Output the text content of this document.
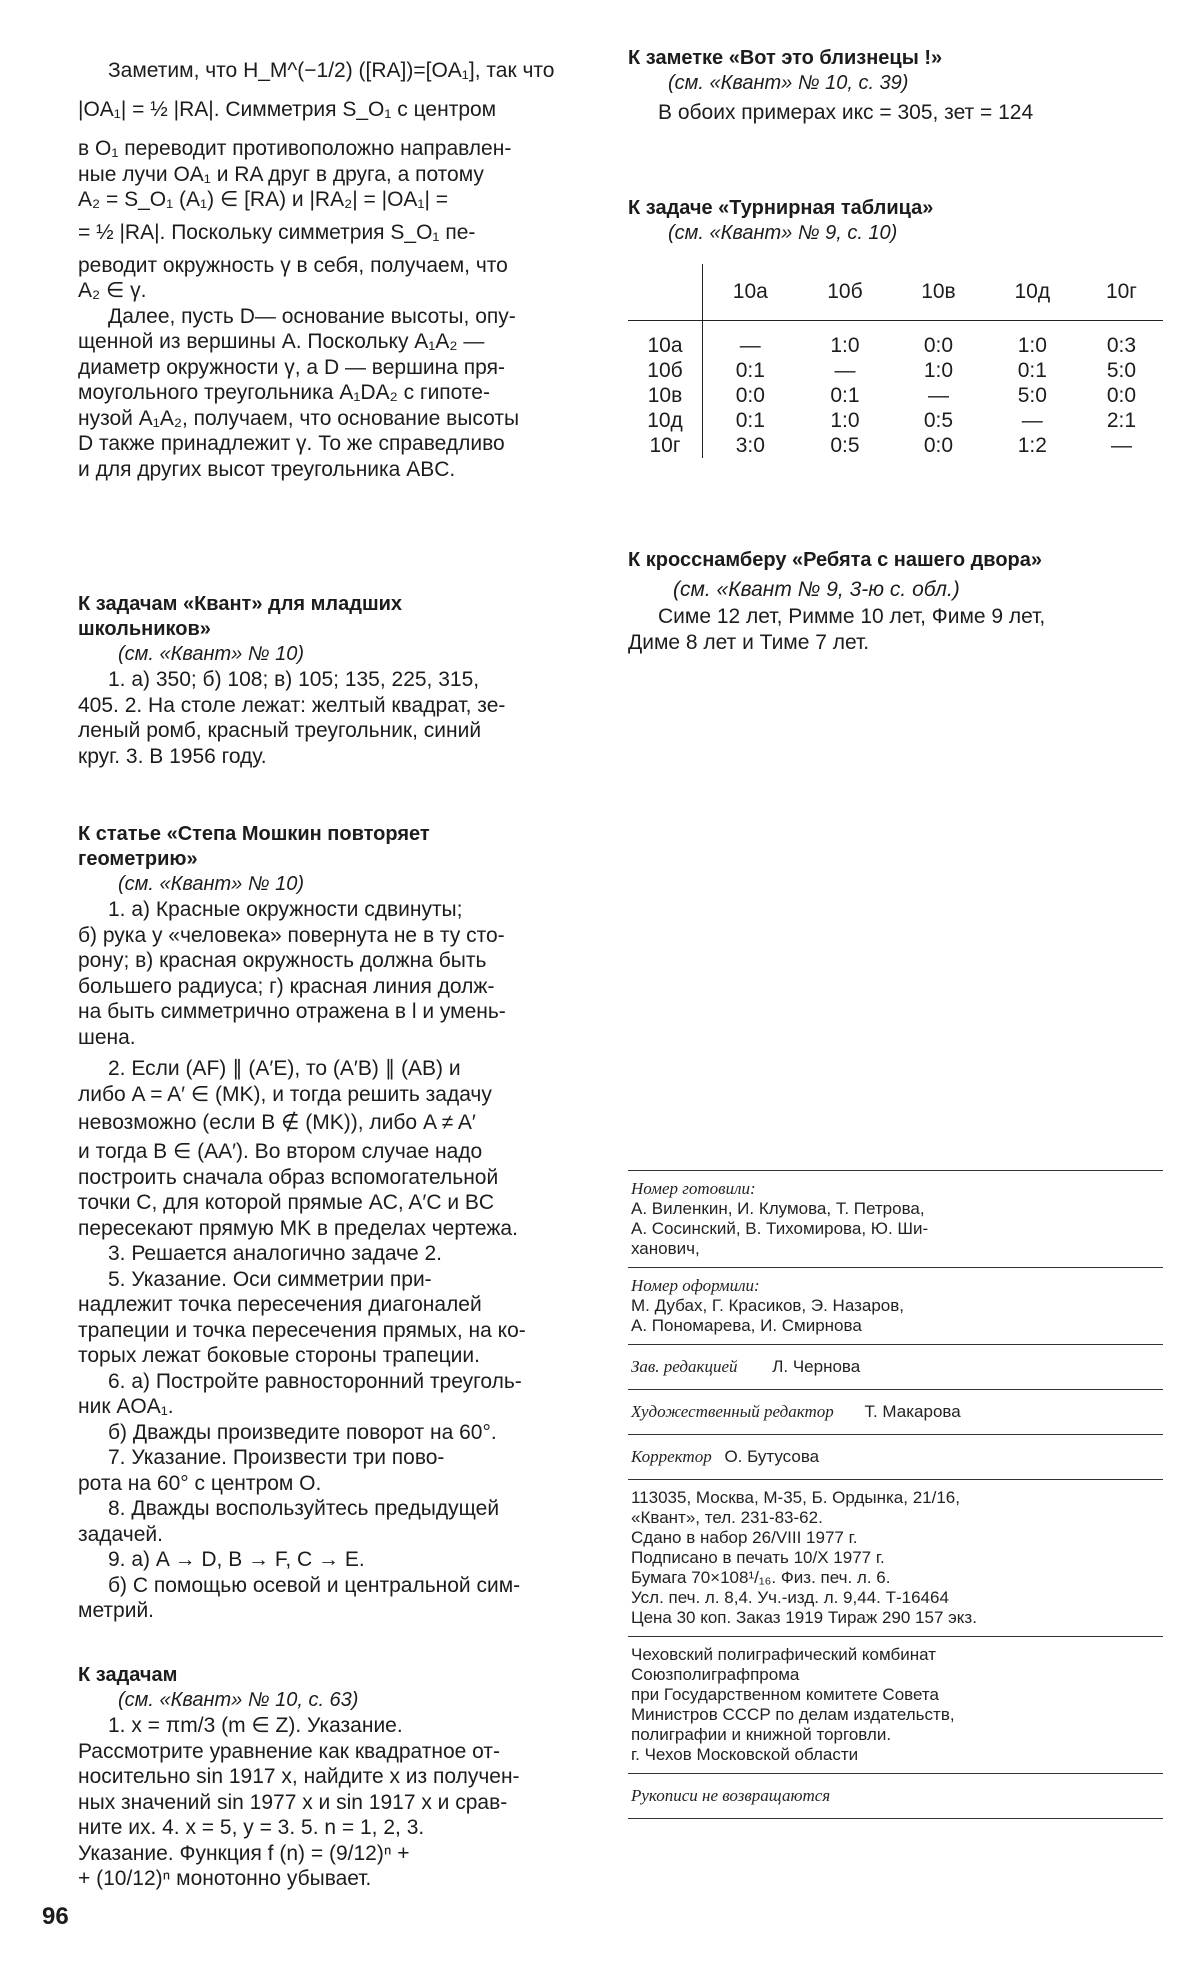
Заметим, что H_M^(−1/2) ([RA])=[OA₁], так что

|OA₁| = ½ |RA|. Симметрия S_O₁ с центром

в O₁ переводит противоположно направлен-

ные лучи OA₁ и RA друг в друга, а потому

A₂ = S_O₁ (A₁) ∈ [RA) и |RA₂| = |OA₁| =

= ½ |RA|. Поскольку симметрия S_O₁ пе-

реводит окружность γ в себя, получаем, что

A₂ ∈ γ.

Далее, пусть D— основание высоты, опу-

щенной из вершины A. Поскольку A₁A₂ —

диаметр окружности γ, а D — вершина пря-

моугольного треугольника A₁DA₂ с гипоте-

нузой A₁A₂, получаем, что основание высоты

D также принадлежит γ. То же справедливо

и для других высот треугольника ABC.

К задачам «Квант» для младших

школьников»

(см. «Квант» № 10)

1. а) 350; б) 108; в) 105; 135, 225, 315,

405. 2. На столе лежат: желтый квадрат, зе-

леный ромб, красный треугольник, синий

круг. 3. В 1956 году.

К статье «Степа Мошкин повторяет

геометрию»

(см. «Квант» № 10)

1. а) Красные окружности сдвинуты;

б) рука у «человека» повернута не в ту сто-

рону; в) красная окружность должна быть

большего радиуса; г) красная линия долж-

на быть симметрично отражена в l и умень-

шена.

2. Если (AF) ∥ (A′E), то (A′B) ∥ (AB) и

либо A = A′ ∈ (MK), и тогда решить задачу

невозможно (если B ∉ (MK)), либо A ≠ A′

и тогда B ∈ (AA′). Во втором случае надо

построить сначала образ вспомогательной

точки C, для которой прямые AC, A′C и BC

пересекают прямую MK в пределах чертежа.

3. Решается аналогично задаче 2.

5. Указание. Оси симметрии при-

надлежит точка пересечения диагоналей

трапеции и точка пересечения прямых, на ко-

торых лежат боковые стороны трапеции.

6. а) Постройте равносторонний треуголь-

ник AOA₁.

б) Дважды произведите поворот на 60°.

7. Указание. Произвести три пово-

рота на 60° с центром O.

8. Дважды воспользуйтесь предыдущей

задачей.

9. а) A → D, B → F, C → E.

б) С помощью осевой и центральной сим-

метрий.

К задачам

(см. «Квант» № 10, с. 63)

1. x = πm/3 (m ∈ Z). Указание.

Рассмотрите уравнение как квадратное от-

носительно sin 1917 x, найдите x из получен-

ных значений sin 1977 x и sin 1917 x и срав-

ните их. 4. x = 5, y = 3. 5. n = 1, 2, 3.

Указание. Функция f (n) = (9/12)ⁿ +

+ (10/12)ⁿ монотонно убывает.

К заметке «Вот это близнецы !»

(см. «Квант» № 10, с. 39)

В обоих примерах икс = 305, зет = 124

К задаче «Турнирная таблица»

(см. «Квант» № 9, с. 10)

	10а	10б	10в	10д	10г
10а	—	1:0	0:0	1:0	0:3
10б	0:1	—	1:0	0:1	5:0
10в	0:0	0:1	—	5:0	0:0
10д	0:1	1:0	0:5	—	2:1
10г	3:0	0:5	0:0	1:2	—

К кросснамберу «Ребята с нашего двора»

(см. «Квант № 9, 3-ю с. обл.)

Симе 12 лет, Римме 10 лет, Фиме 9 лет,

Диме 8 лет и Тиме 7 лет.

Номер готовили:
А. Виленкин, И. Клумова, Т. Петрова,
А. Сосинский, В. Тихомирова, Ю. Ши-
ханович,
Номер оформили:
М. Дубах, Г. Красиков, Э. Назаров,
А. Пономарева, И. Смирнова
Зав. редакцией Л. Чернова
Художественный редактор Т. Макарова
Корректор О. Бутусова
113035, Москва, М-35, Б. Ордынка, 21/16,
«Квант», тел. 231-83-62.
Сдано в набор 26/VIII 1977 г.
Подписано в печать 10/X 1977 г.
Бумага 70×108¹/₁₆. Физ. печ. л. 6.
Усл. печ. л. 8,4. Уч.-изд. л. 9,44. Т-16464
Цена 30 коп. Заказ 1919 Тираж 290 157 экз.
Чеховский полиграфический комбинат
Союзполиграфпрома
при Государственном комитете Совета
Министров СССР по делам издательств,
полиграфии и книжной торговли.
г. Чехов Московской области
Рукописи не возвращаются
96
